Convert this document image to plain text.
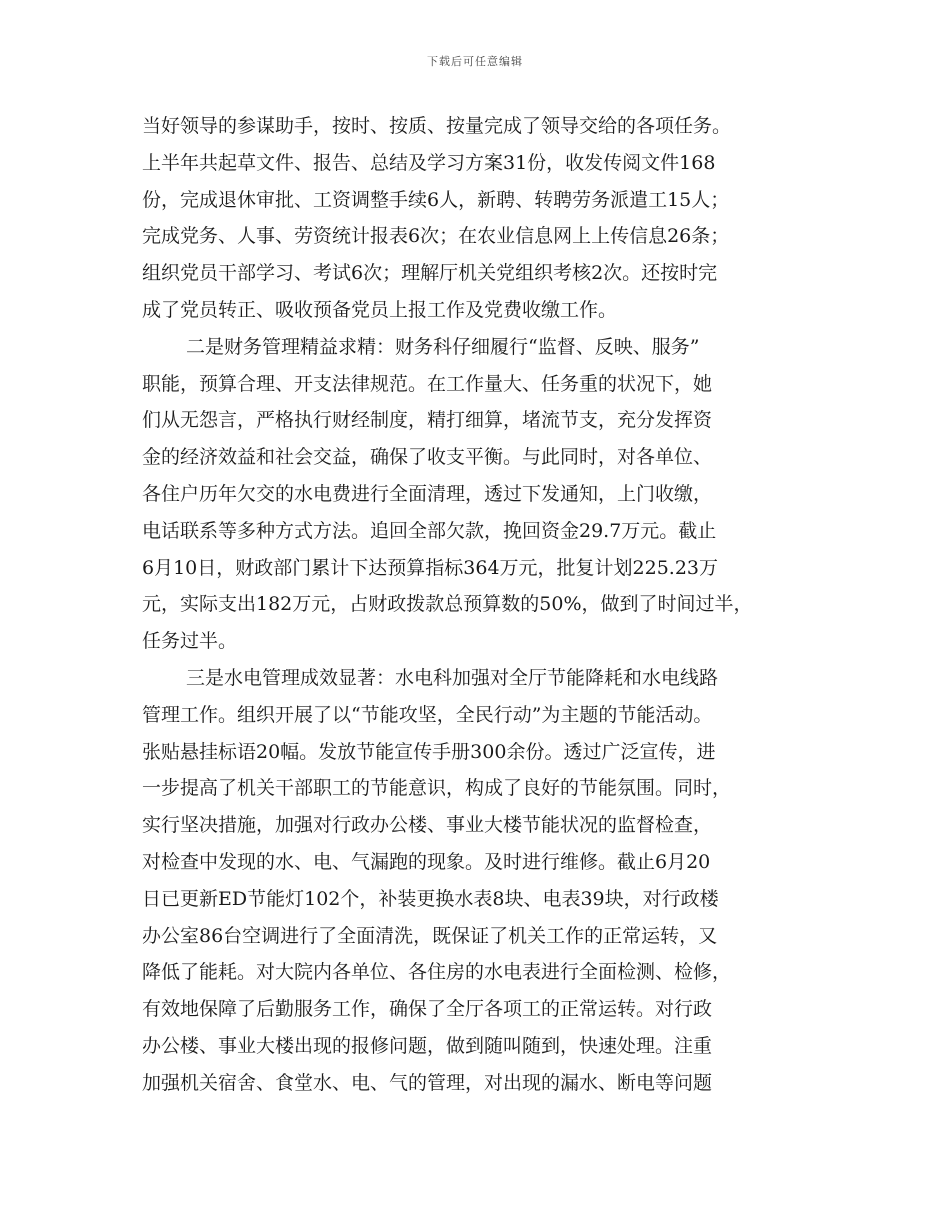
下载后可任意编辑
当好领导的参谋助手，按时、按质、按量完成了领导交给的各项任务。
上半年共起草文件、报告、总结及学习方案31份，收发传阅文件168
份，完成退休审批、工资调整手续6人，新聘、转聘劳务派遣工15人；
完成党务、人事、劳资统计报表6次；在农业信息网上上传信息26条；
组织党员干部学习、考试6次；理解厅机关党组织考核2次。还按时完
成了党员转正、吸收预备党员上报工作及党费收缴工作。
二是财务管理精益求精：财务科仔细履行“监督、反映、服务”
职能，预算合理、开支法律规范。在工作量大、任务重的状况下，她
们从无怨言，严格执行财经制度，精打细算，堵流节支，充分发挥资
金的经济效益和社会交益，确保了收支平衡。与此同时，对各单位、
各住户历年欠交的水电费进行全面清理，透过下发通知，上门收缴，
电话联系等多种方式方法。追回全部欠款，挽回资金29.7万元。截止
6月10日，财政部门累计下达预算指标364万元，批复计划225.23万
元，实际支出182万元，占财政拨款总预算数的50%，做到了时间过半，
任务过半。
三是水电管理成效显著：水电科加强对全厅节能降耗和水电线路
管理工作。组织开展了以“节能攻坚，全民行动”为主题的节能活动。
张贴悬挂标语20幅。发放节能宣传手册300余份。透过广泛宣传，进
一步提高了机关干部职工的节能意识，构成了良好的节能氛围。同时，
实行坚决措施，加强对行政办公楼、事业大楼节能状况的监督检查，
对检查中发现的水、电、气漏跑的现象。及时进行维修。截止6月20
日已更新ED节能灯102个，补装更换水表8块、电表39块，对行政楼
办公室86台空调进行了全面清洗，既保证了机关工作的正常运转，又
降低了能耗。对大院内各单位、各住房的水电表进行全面检测、检修，
有效地保障了后勤服务工作，确保了全厅各项工的正常运转。对行政
办公楼、事业大楼出现的报修问题，做到随叫随到，快速处理。注重
加强机关宿舍、食堂水、电、气的管理，对出现的漏水、断电等问题
